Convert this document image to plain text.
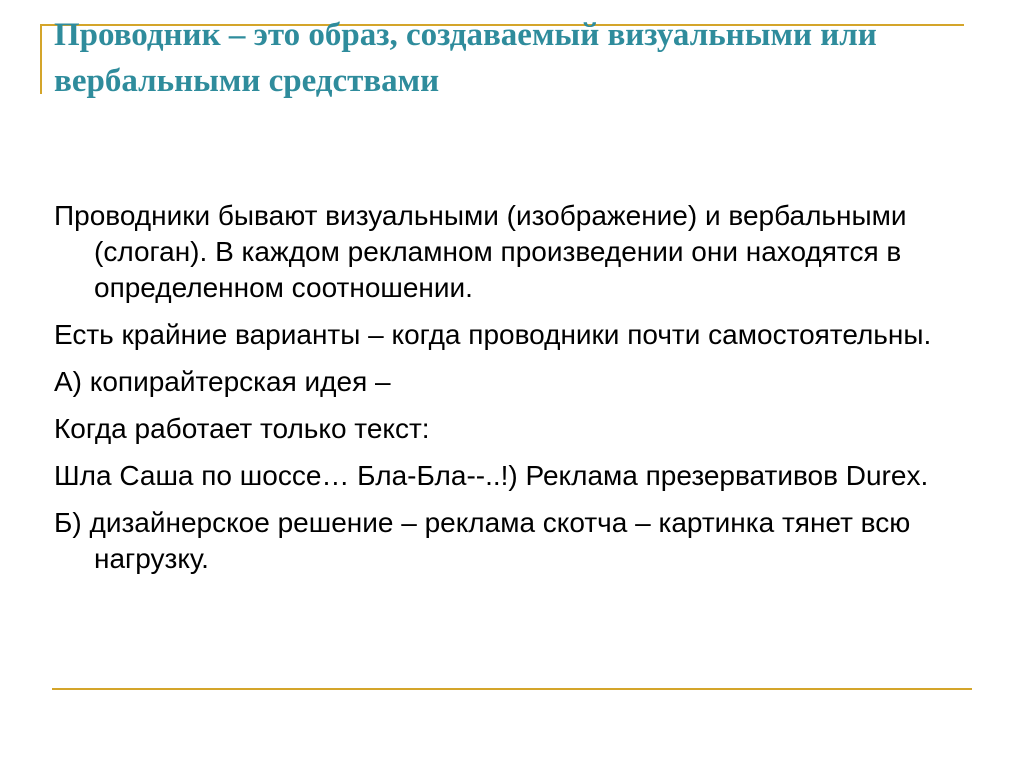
Проводник – это образ, создаваемый визуальными или вербальными средствами
Проводники бывают визуальными (изображение) и вербальными (слоган). В каждом рекламном произведении они находятся в определенном соотношении.
Есть крайние варианты – когда проводники почти самостоятельны.
А) копирайтерская идея –
Когда работает только текст:
Шла Саша по шоссе… Бла-Бла--..!) Реклама презервативов Durex.
Б) дизайнерское решение – реклама скотча – картинка тянет всю нагрузку.
